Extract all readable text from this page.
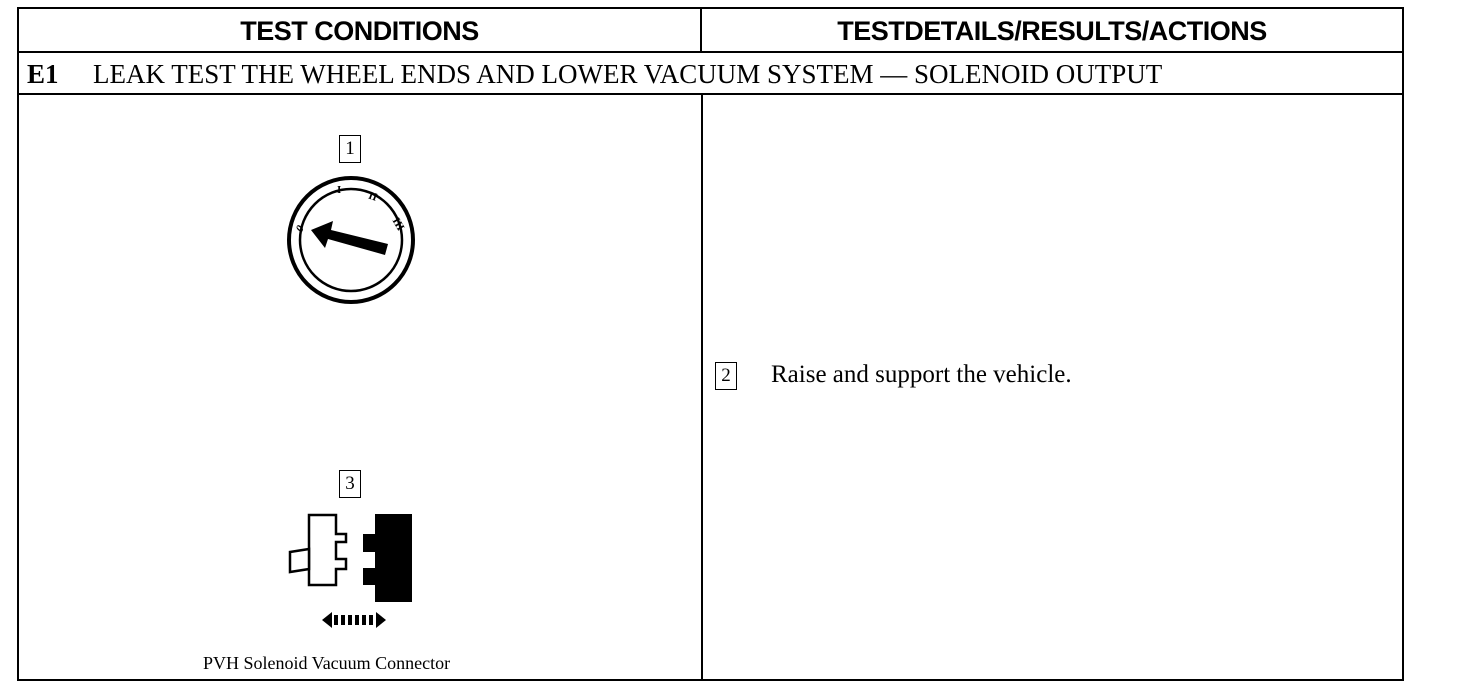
TEST CONDITIONS	TESTDETAILS/RESULTS/ACTIONS
E1	LEAK TEST THE WHEEL ENDS AND LOWER VACUUM SYSTEM — SOLENOID OUTPUT
1
0
I II
III
3
PVH Solenoid Vacuum Connector
2 Raise and support the vehicle.
